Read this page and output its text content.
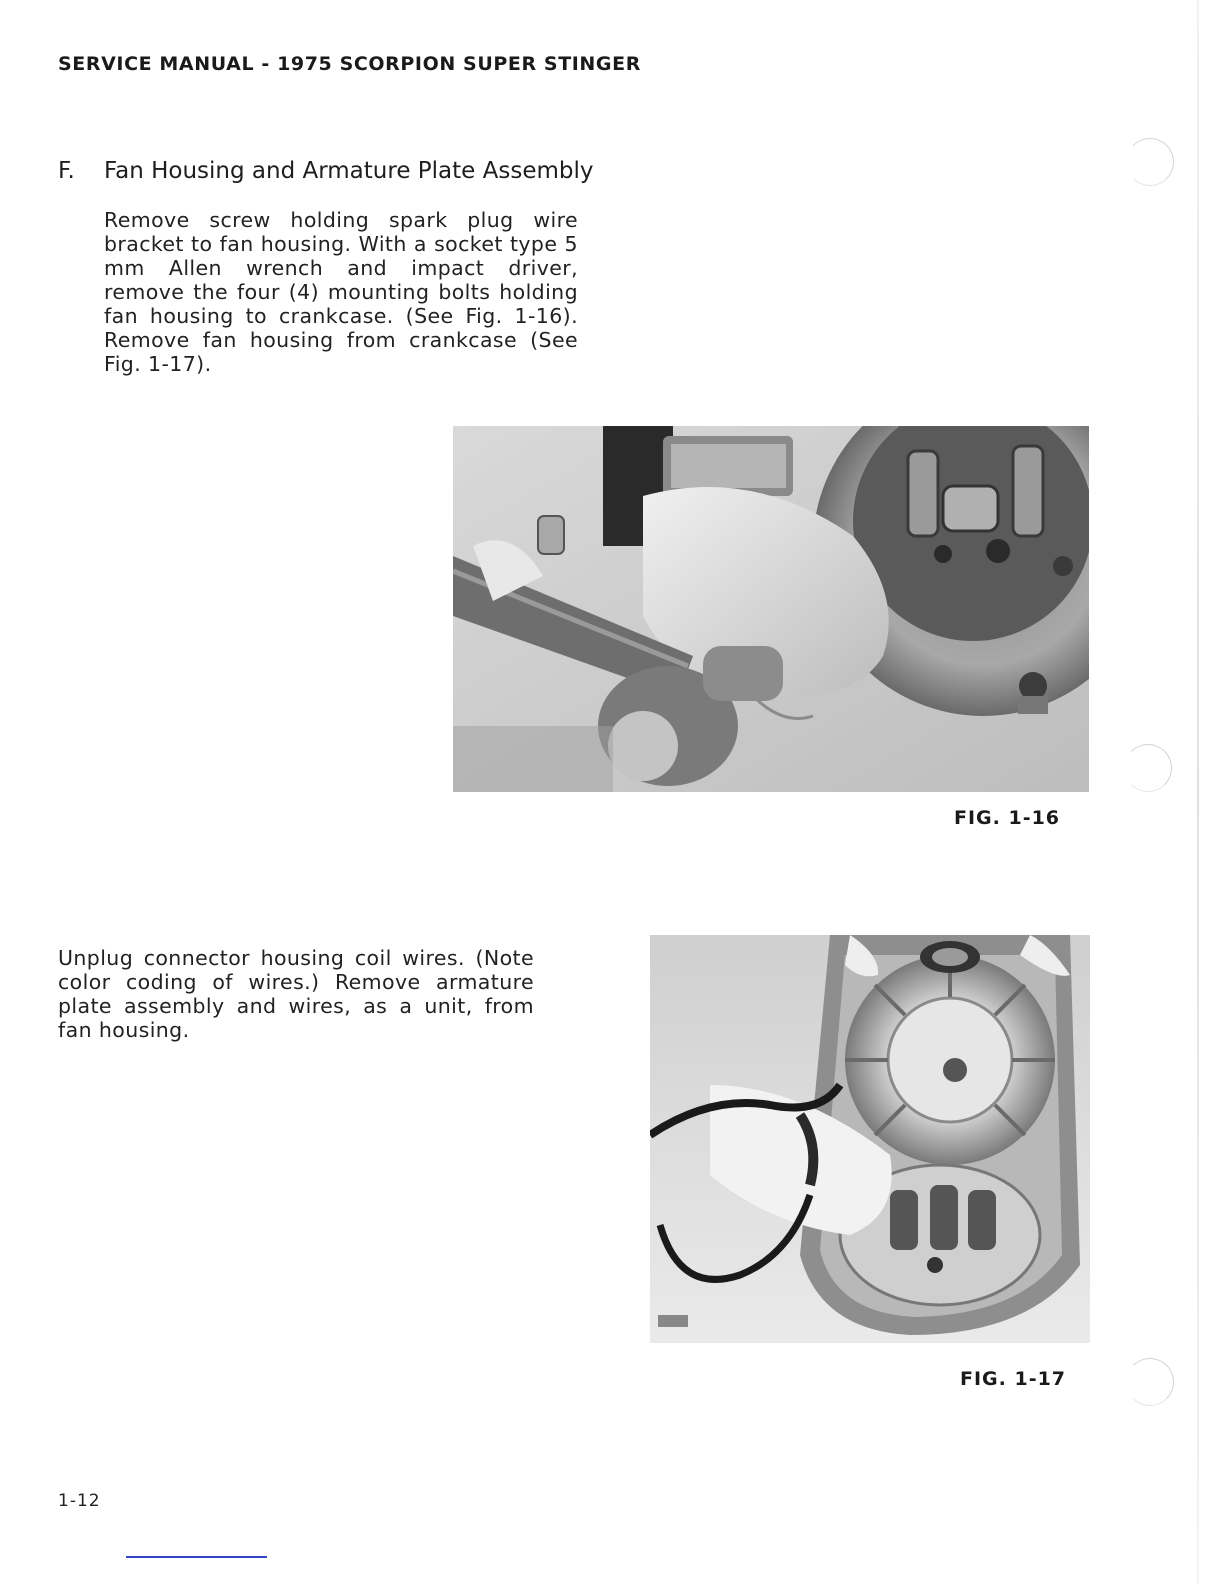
SERVICE MANUAL - 1975 SCORPION SUPER STINGER
F. Fan Housing and Armature Plate Assembly

Remove screw holding spark plug wire bracket to fan housing. With a socket type 5 mm Allen wrench and impact driver, remove the four (4) mounting bolts holding fan housing to crankcase. (See Fig. 1-16). Remove fan housing from crankcase (See Fig. 1-17).

FIG. 1-16

Unplug connector housing coil wires. (Note color coding of wires.) Remove armature plate assembly and wires, as a unit, from fan housing.

FIG. 1-17
1-12
